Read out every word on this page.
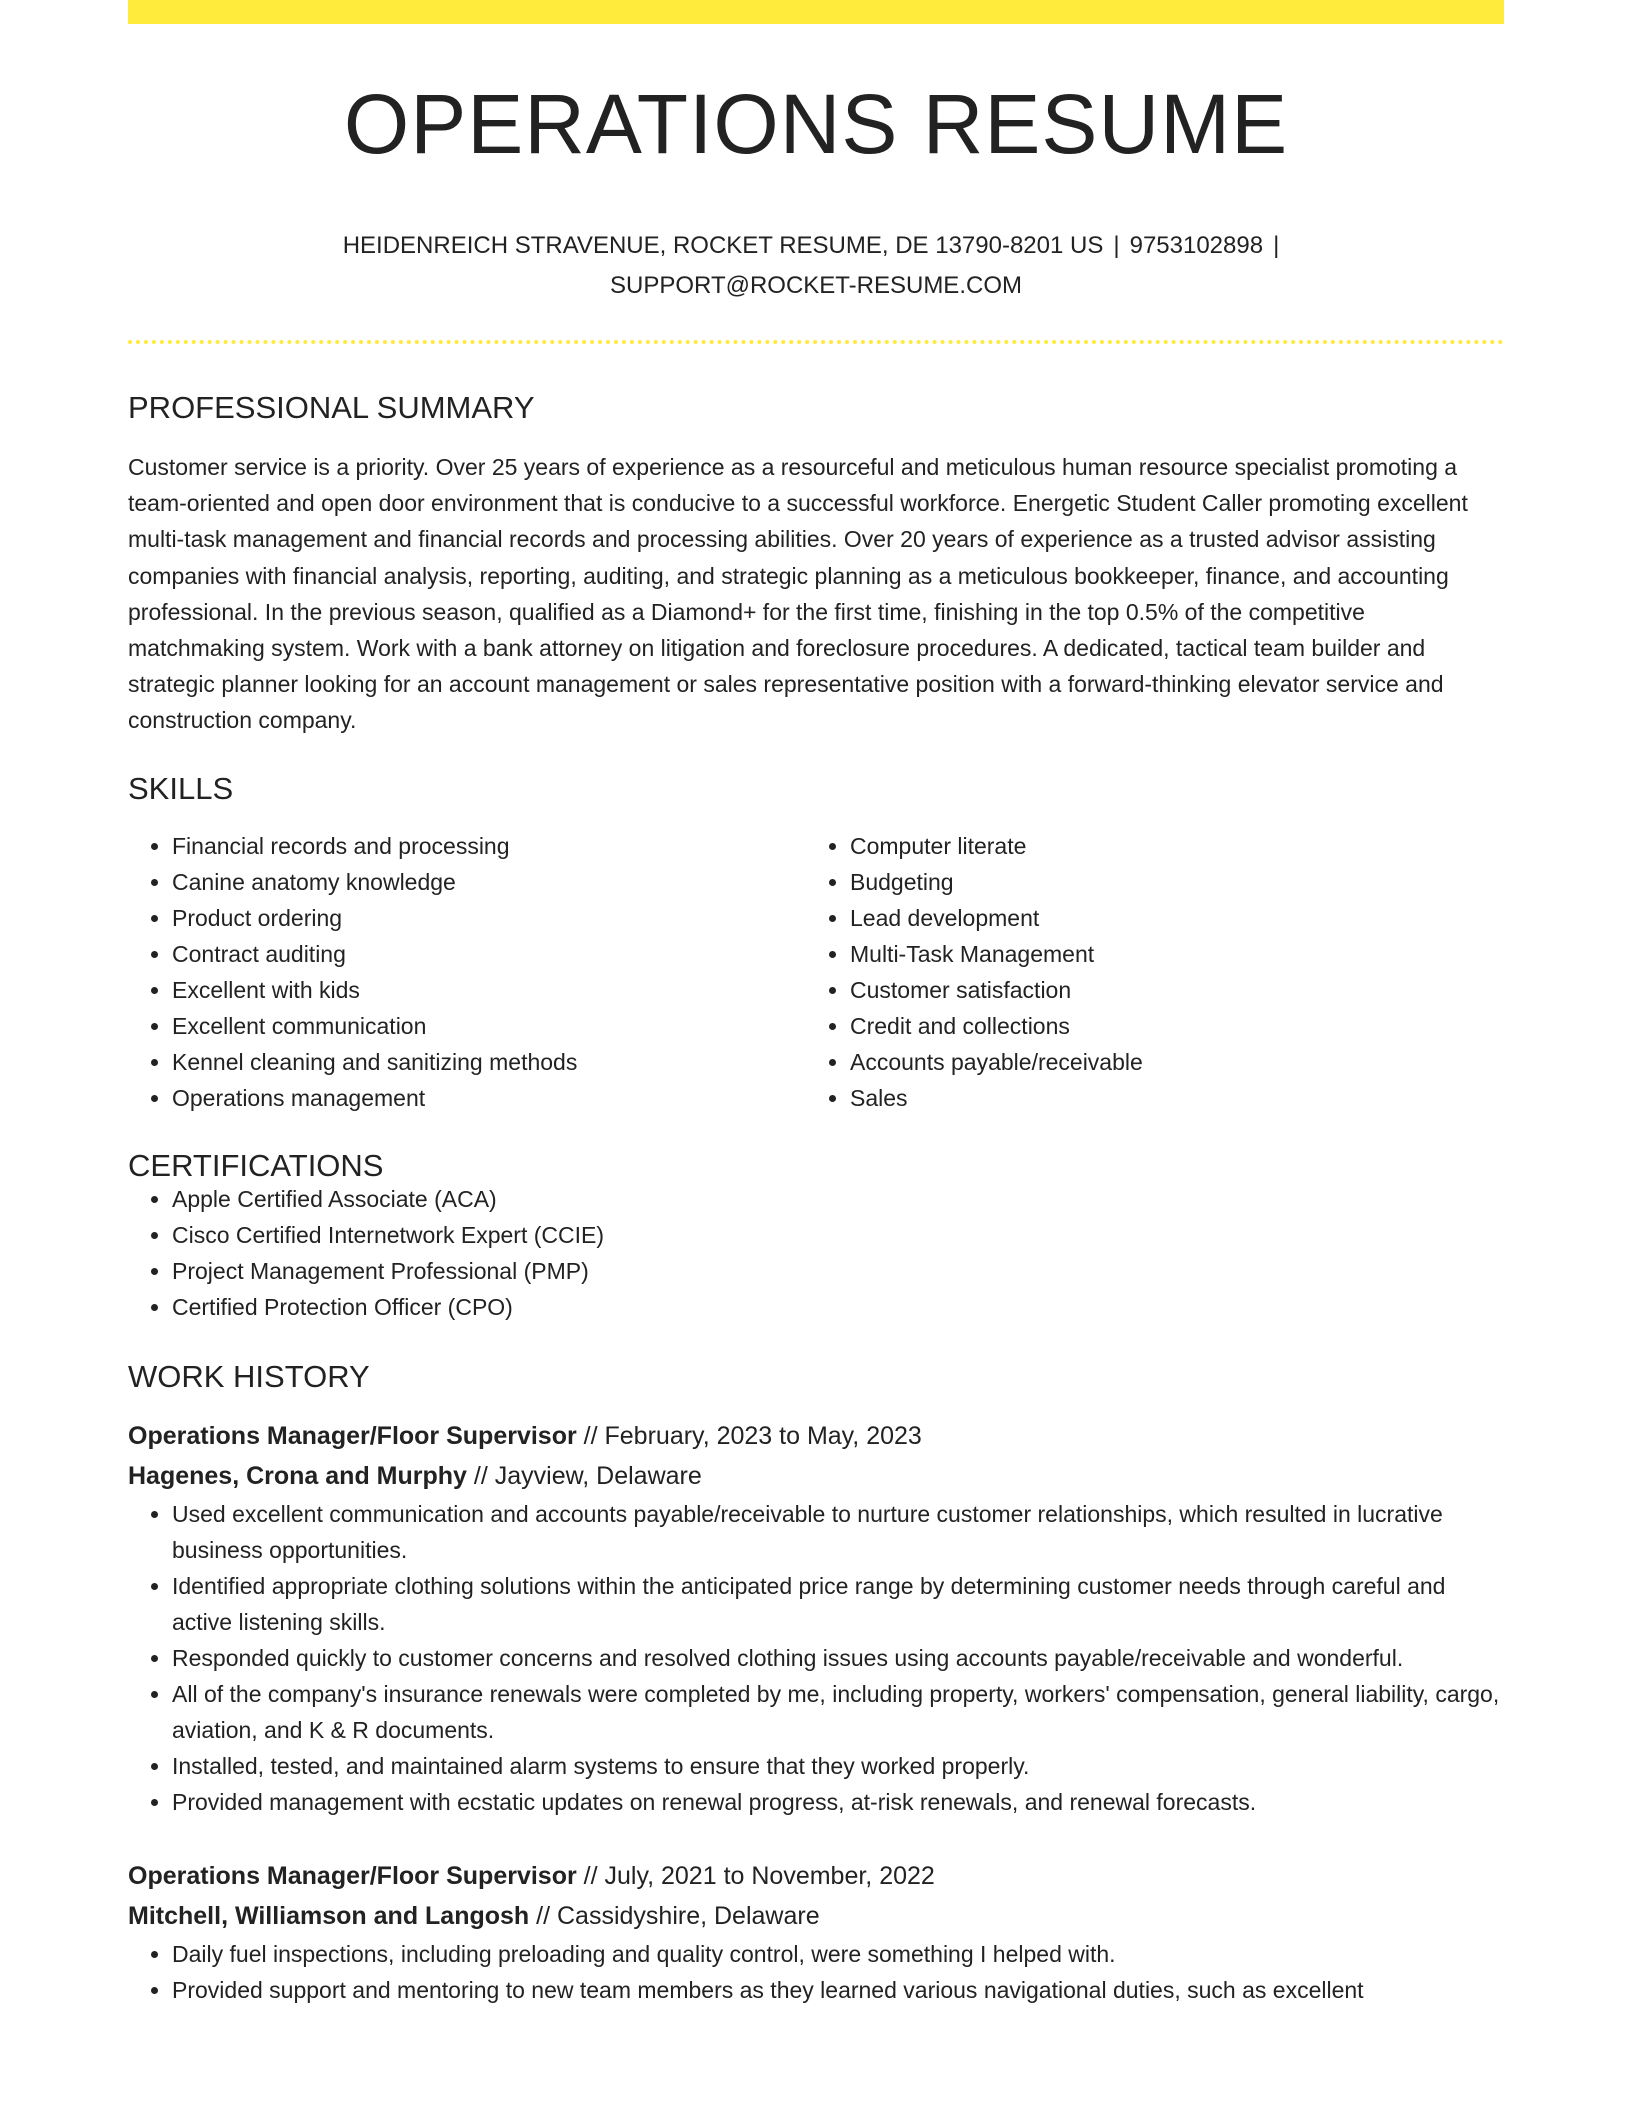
OPERATIONS RESUME
HEIDENREICH STRAVENUE, ROCKET RESUME, DE 13790-8201 US | 9753102898 |
SUPPORT@ROCKET-RESUME.COM
PROFESSIONAL SUMMARY
Customer service is a priority. Over 25 years of experience as a resourceful and meticulous human resource specialist promoting a team-oriented and open door environment that is conducive to a successful workforce. Energetic Student Caller promoting excellent multi-task management and financial records and processing abilities. Over 20 years of experience as a trusted advisor assisting companies with financial analysis, reporting, auditing, and strategic planning as a meticulous bookkeeper, finance, and accounting professional. In the previous season, qualified as a Diamond+ for the first time, finishing in the top 0.5% of the competitive matchmaking system. Work with a bank attorney on litigation and foreclosure procedures. A dedicated, tactical team builder and strategic planner looking for an account management or sales representative position with a forward-thinking elevator service and construction company.
SKILLS
• Financial records and processing
• Canine anatomy knowledge
• Product ordering
• Contract auditing
• Excellent with kids
• Excellent communication
• Kennel cleaning and sanitizing methods
• Operations management
• Computer literate
• Budgeting
• Lead development
• Multi-Task Management
• Customer satisfaction
• Credit and collections
• Accounts payable/receivable
• Sales
CERTIFICATIONS
• Apple Certified Associate (ACA)
• Cisco Certified Internetwork Expert (CCIE)
• Project Management Professional (PMP)
• Certified Protection Officer (CPO)
WORK HISTORY
Operations Manager/Floor Supervisor // February, 2023 to May, 2023
Hagenes, Crona and Murphy // Jayview, Delaware
• Used excellent communication and accounts payable/receivable to nurture customer relationships, which resulted in lucrative business opportunities.
• Identified appropriate clothing solutions within the anticipated price range by determining customer needs through careful and active listening skills.
• Responded quickly to customer concerns and resolved clothing issues using accounts payable/receivable and wonderful.
• All of the company's insurance renewals were completed by me, including property, workers' compensation, general liability, cargo, aviation, and K & R documents.
• Installed, tested, and maintained alarm systems to ensure that they worked properly.
• Provided management with ecstatic updates on renewal progress, at-risk renewals, and renewal forecasts.
Operations Manager/Floor Supervisor // July, 2021 to November, 2022
Mitchell, Williamson and Langosh // Cassidyshire, Delaware
• Daily fuel inspections, including preloading and quality control, were something I helped with.
• Provided support and mentoring to new team members as they learned various navigational duties, such as excellent
